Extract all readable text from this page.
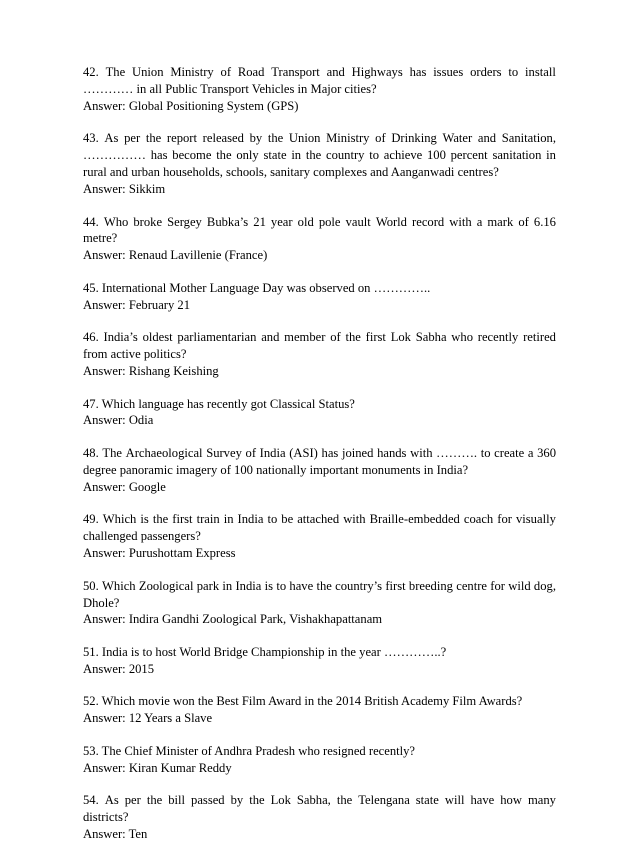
42. The Union Ministry of Road Transport and Highways has issues orders to install
………… in all Public Transport Vehicles in Major cities?
Answer: Global Positioning System (GPS)
43. As per the report released by the Union Ministry of Drinking Water and Sanitation,
…………… has become the only state in the country to achieve 100 percent sanitation in
rural and urban households, schools, sanitary complexes and Aanganwadi centres?
Answer: Sikkim
44. Who broke Sergey Bubka’s 21 year old pole vault World record with a mark of 6.16
metre?
Answer: Renaud Lavillenie (France)
45. International Mother Language Day was observed on …………..
Answer: February 21
46. India’s oldest parliamentarian and member of the first Lok Sabha who recently retired
from active politics?
Answer: Rishang Keishing
47. Which language has recently got Classical Status?
Answer: Odia
48. The Archaeological Survey of India (ASI) has joined hands with ………. to create a 360
degree panoramic imagery of 100 nationally important monuments in India?
Answer: Google
49. Which is the first train in India to be attached with Braille-embedded coach for visually
challenged passengers?
Answer: Purushottam Express
50. Which Zoological park in India is to have the country’s first breeding centre for wild dog,
Dhole?
Answer: Indira Gandhi Zoological Park, Vishakhapattanam
51. India is to host World Bridge Championship in the year …………..?
Answer: 2015
52. Which movie won the Best Film Award in the 2014 British Academy Film Awards?
Answer: 12 Years a Slave
53. The Chief Minister of Andhra Pradesh who resigned recently?
Answer: Kiran Kumar Reddy
54. As per the bill passed by the Lok Sabha, the Telengana state will have how many
districts?
Answer: Ten
